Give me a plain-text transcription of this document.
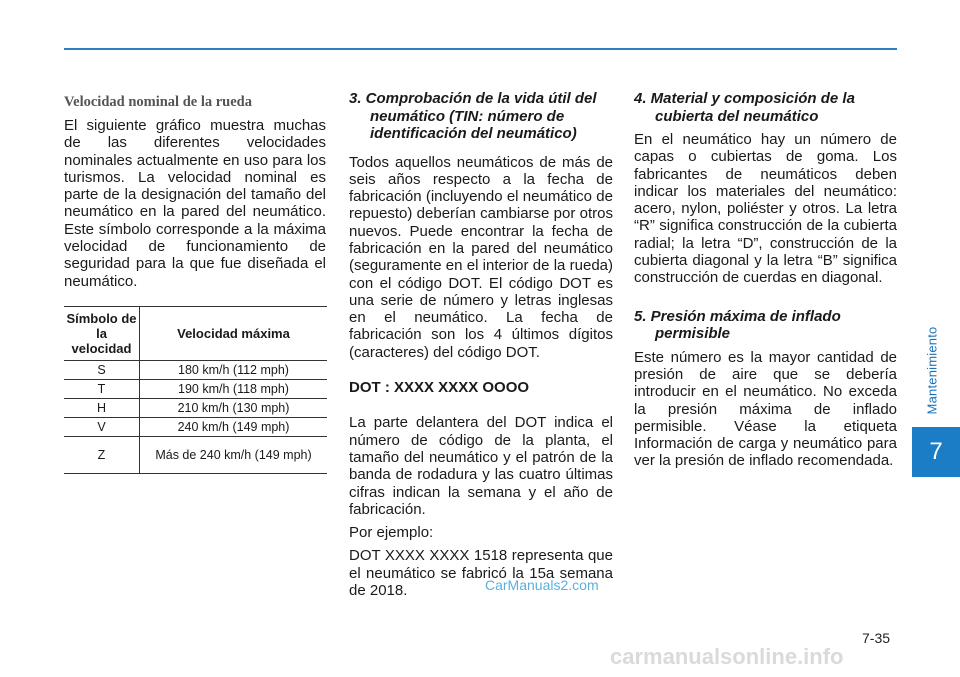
Mantenimiento
7
Velocidad nominal de la rueda

El siguiente gráfico muestra muchas de las diferentes velocidades nominales actualmente en uso para los turismos. La velocidad nominal es parte de la designación del tamaño del neumático en la pared del neumático. Este símbolo corresponde a la máxima velocidad de funcionamiento de seguridad para la que fue diseñada el neumático.

Símbolo de la velocidad	Velocidad máxima
S	180 km/h (112 mph)
T	190 km/h (118 mph)
H	210 km/h (130 mph)
V	240 km/h (149 mph)
Z	Más de 240 km/h (149 mph)
3. Comprobación de la vida útil del neumático (TIN: número de identificación del neumático)

Todos aquellos neumáticos de más de seis años respecto a la fecha de fabricación (incluyendo el neumático de repuesto) deberían cambiarse por otros nuevos. Puede encontrar la fecha de fabricación en la pared del neumático (seguramente en el interior de la rueda) con el código DOT. El código DOT es una serie de número y letras inglesas en el neumático. La fecha de fabricación son los 4 últimos dígitos (caracteres) del código DOT.

DOT : XXXX XXXX OOOO

La parte delantera del DOT indica el número de código de la planta, el tamaño del neumático y el patrón de la banda de rodadura y las cuatro últimas cifras indican la semana y el año de fabricación.

Por ejemplo:

DOT XXXX XXXX 1518 representa que el neumático se fabricó la 15a semana de 2018.

4. Material y composición de la cubierta del neumático

En el neumático hay un número de capas o cubiertas de goma. Los fabricantes de neumáticos deben indicar los materiales del neumático: acero, nylon, poliéster y otros. La letra “R” significa construcción de la cubierta radial; la letra “D”, construcción de la cubierta diagonal y la letra “B” significa construcción de cuerdas en diagonal.

5. Presión máxima de inflado permisible

Este número es la mayor cantidad de presión de aire que se debería introducir en el neumático. No exceda la presión máxima de inflado permisible. Véase la etiqueta Información de carga y neumático para ver la presión de inflado recomendada.

7-35
CarManuals2.com
carmanualsonline.info
